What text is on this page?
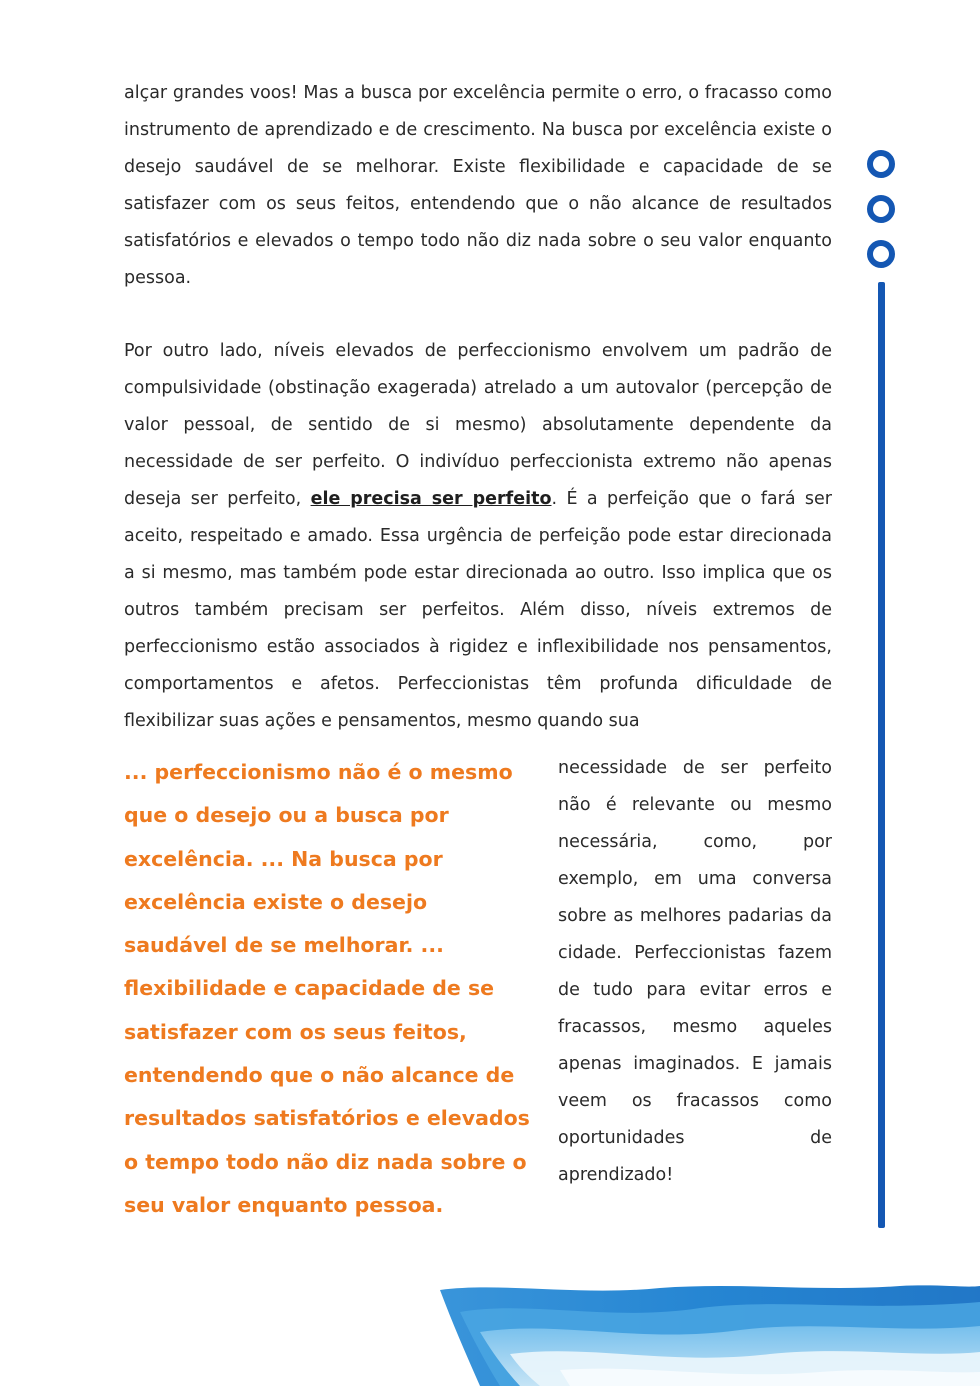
alçar grandes voos! Mas a busca por excelência permite o erro, o fracasso como instrumento de aprendizado e de crescimento. Na busca por excelência existe o desejo saudável de se melhorar. Existe flexibilidade e capacidade de se satisfazer com os seus feitos, entendendo que o não alcance de resultados satisfatórios e elevados o tempo todo não diz nada sobre o seu valor enquanto pessoa.

Por outro lado, níveis elevados de perfeccionismo envolvem um padrão de compulsividade (obstinação exagerada) atrelado a um autovalor (percepção de valor pessoal, de sentido de si mesmo) absolutamente dependente da necessidade de ser perfeito. O indivíduo perfeccionista extremo não apenas deseja ser perfeito, ele precisa ser perfeito. É a perfeição que o fará ser aceito, respeitado e amado. Essa urgência de perfeição pode estar direcionada a si mesmo, mas também pode estar direcionada ao outro. Isso implica que os outros também precisam ser perfeitos. Além disso, níveis extremos de perfeccionismo estão associados à rigidez e inflexibilidade nos pensamentos, comportamentos e afetos. Perfeccionistas têm profunda dificuldade de flexibilizar suas ações e pensamentos, mesmo quando sua

... perfeccionismo não é o mesmo que o desejo ou a busca por excelência. ... Na busca por excelência existe o desejo saudável de se melhorar. ... flexibilidade e capacidade de se satisfazer com os seus feitos, entendendo que o não alcance de resultados satisfatórios e elevados o tempo todo não diz nada sobre o seu valor enquanto pessoa.

necessidade de ser perfeito não é relevante ou mesmo necessária, como, por exemplo, em uma conversa sobre as melhores padarias da cidade. Perfeccionistas fazem de tudo para evitar erros e fracassos, mesmo aqueles apenas imaginados. E jamais veem os fracassos como oportunidades de aprendizado!
